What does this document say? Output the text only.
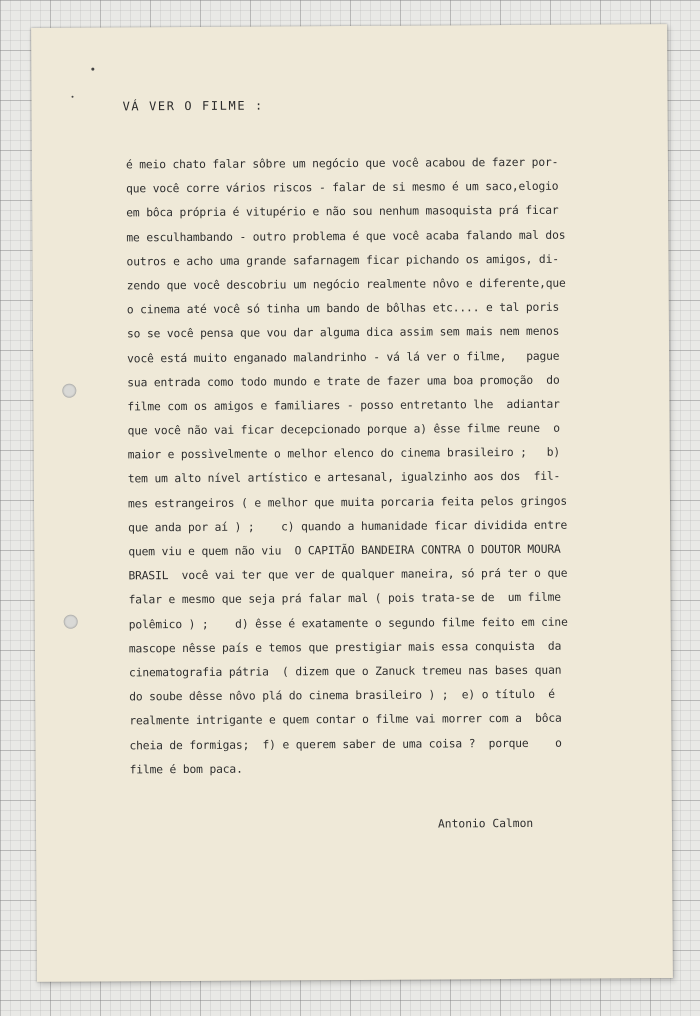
VÁ VER O FILME :
é meio chato falar sôbre um negócio que você acabou de fazer por-
que você corre vários riscos - falar de si mesmo é um saco,elogio
em bôca própria é vitupério e não sou nenhum masoquista prá ficar
me esculhambando - outro problema é que você acaba falando mal dos
outros e acho uma grande safarnagem ficar pichando os amigos, di-
zendo que você descobriu um negócio realmente nôvo e diferente,que
o cinema até você só tinha um bando de bôlhas etc.... e tal poris
so se você pensa que vou dar alguma dica assim sem mais nem menos
você está muito enganado malandrinho - vá lá ver o filme,   pague
sua entrada como todo mundo e trate de fazer uma boa promoção  do
filme com os amigos e familiares - posso entretanto lhe  adiantar
que você não vai ficar decepcionado porque a) êsse filme reune  o
maior e possìvelmente o melhor elenco do cinema brasileiro ;   b)
tem um alto nível artístico e artesanal, igualzinho aos dos  fil-
mes estrangeiros ( e melhor que muita porcaria feita pelos gringos
que anda por aí ) ;    c) quando a humanidade ficar dividida entre
quem viu e quem não viu  O CAPITÃO BANDEIRA CONTRA O DOUTOR MOURA
BRASIL  você vai ter que ver de qualquer maneira, só prá ter o que
falar e mesmo que seja prá falar mal ( pois trata-se de  um filme
polêmico ) ;    d) êsse é exatamente o segundo filme feito em cine
mascope nêsse país e temos que prestigiar mais essa conquista  da
cinematografia pátria  ( dizem que o Zanuck tremeu nas bases quan
do soube dêsse nôvo plá do cinema brasileiro ) ;  e) o título  é
realmente intrigante e quem contar o filme vai morrer com a  bôca
cheia de formigas;  f) e querem saber de uma coisa ?  porque    o
filme é bom paca.

Antonio Calmon
